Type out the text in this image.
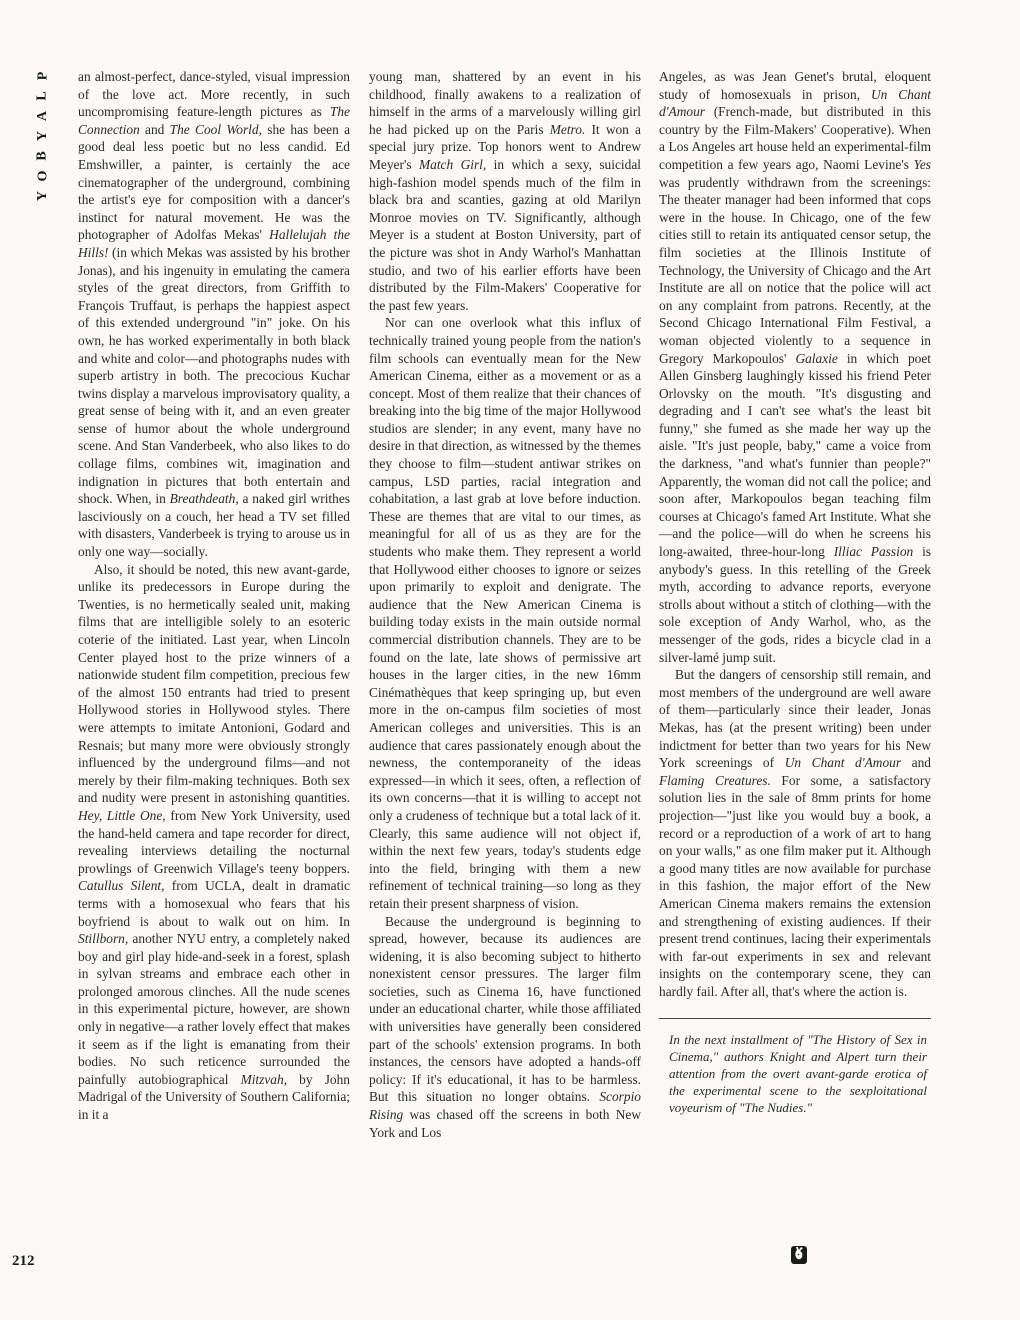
P
L
A
Y
B
O
Y
212

an almost-perfect, dance-styled, visual impression of the love act. More recently, in such uncompromising feature-length pictures as The Connection and The Cool World, she has been a good deal less poetic but no less candid. Ed Emshwiller, a painter, is certainly the ace cinematographer of the underground, combining the artist's eye for composition with a dancer's instinct for natural movement. He was the photographer of Adolfas Mekas' Hallelujah the Hills! (in which Mekas was assisted by his brother Jonas), and his ingenuity in emulating the camera styles of the great directors, from Griffith to François Truffaut, is perhaps the happiest aspect of this extended underground "in" joke. On his own, he has worked experimentally in both black and white and color—and photographs nudes with superb artistry in both. The precocious Kuchar twins display a marvelous improvisatory quality, a great sense of being with it, and an even greater sense of humor about the whole underground scene. And Stan Vanderbeek, who also likes to do collage films, combines wit, imagination and indignation in pictures that both entertain and shock. When, in Breathdeath, a naked girl writhes lasciviously on a couch, her head a TV set filled with disasters, Vanderbeek is trying to arouse us in only one way—socially.

Also, it should be noted, this new avant-garde, unlike its predecessors in Europe during the Twenties, is no hermetically sealed unit, making films that are intelligible solely to an esoteric coterie of the initiated. Last year, when Lincoln Center played host to the prize winners of a nationwide student film competition, precious few of the almost 150 entrants had tried to present Hollywood stories in Hollywood styles. There were attempts to imitate Antonioni, Godard and Resnais; but many more were obviously strongly influenced by the underground films—and not merely by their film-making techniques. Both sex and nudity were present in astonishing quantities. Hey, Little One, from New York University, used the hand-held camera and tape recorder for direct, revealing interviews detailing the nocturnal prowlings of Greenwich Village's teeny boppers. Catullus Silent, from UCLA, dealt in dramatic terms with a homosexual who fears that his boyfriend is about to walk out on him. In Stillborn, another NYU entry, a completely naked boy and girl play hide-and-seek in a forest, splash in sylvan streams and embrace each other in prolonged amorous clinches. All the nude scenes in this experimental picture, however, are shown only in negative—a rather lovely effect that makes it seem as if the light is emanating from their bodies. No such reticence surrounded the painfully autobiographical Mitzvah, by John Madrigal of the University of Southern California; in it a

young man, shattered by an event in his childhood, finally awakens to a realization of himself in the arms of a marvelously willing girl he had picked up on the Paris Metro. It won a special jury prize. Top honors went to Andrew Meyer's Match Girl, in which a sexy, suicidal high-fashion model spends much of the film in black bra and scanties, gazing at old Marilyn Monroe movies on TV. Significantly, although Meyer is a student at Boston University, part of the picture was shot in Andy Warhol's Manhattan studio, and two of his earlier efforts have been distributed by the Film-Makers' Cooperative for the past few years.

Nor can one overlook what this influx of technically trained young people from the nation's film schools can eventually mean for the New American Cinema, either as a movement or as a concept. Most of them realize that their chances of breaking into the big time of the major Hollywood studios are slender; in any event, many have no desire in that direction, as witnessed by the themes they choose to film—student antiwar strikes on campus, LSD parties, racial integration and cohabitation, a last grab at love before induction. These are themes that are vital to our times, as meaningful for all of us as they are for the students who make them. They represent a world that Hollywood either chooses to ignore or seizes upon primarily to exploit and denigrate. The audience that the New American Cinema is building today exists in the main outside normal commercial distribution channels. They are to be found on the late, late shows of permissive art houses in the larger cities, in the new 16mm Cinémathèques that keep springing up, but even more in the on-campus film societies of most American colleges and universities. This is an audience that cares passionately enough about the newness, the contemporaneity of the ideas expressed—in which it sees, often, a reflection of its own concerns—that it is willing to accept not only a crudeness of technique but a total lack of it. Clearly, this same audience will not object if, within the next few years, today's students edge into the field, bringing with them a new refinement of technical training—so long as they retain their present sharpness of vision.

Because the underground is beginning to spread, however, because its audiences are widening, it is also becoming subject to hitherto nonexistent censor pressures. The larger film societies, such as Cinema 16, have functioned under an educational charter, while those affiliated with universities have generally been considered part of the schools' extension programs. In both instances, the censors have adopted a hands-off policy: If it's educational, it has to be harmless. But this situation no longer obtains. Scorpio Rising was chased off the screens in both New York and Los

Angeles, as was Jean Genet's brutal, eloquent study of homosexuals in prison, Un Chant d'Amour (French-made, but distributed in this country by the Film-Makers' Cooperative). When a Los Angeles art house held an experimental-film competition a few years ago, Naomi Levine's Yes was prudently withdrawn from the screenings: The theater manager had been informed that cops were in the house. In Chicago, one of the few cities still to retain its antiquated censor setup, the film societies at the Illinois Institute of Technology, the University of Chicago and the Art Institute are all on notice that the police will act on any complaint from patrons. Recently, at the Second Chicago International Film Festival, a woman objected violently to a sequence in Gregory Markopoulos' Galaxie in which poet Allen Ginsberg laughingly kissed his friend Peter Orlovsky on the mouth. "It's disgusting and degrading and I can't see what's the least bit funny," she fumed as she made her way up the aisle. "It's just people, baby," came a voice from the darkness, "and what's funnier than people?" Apparently, the woman did not call the police; and soon after, Markopoulos began teaching film courses at Chicago's famed Art Institute. What she—and the police—will do when he screens his long-awaited, three-hour-long Illiac Passion is anybody's guess. In this retelling of the Greek myth, according to advance reports, everyone strolls about without a stitch of clothing—with the sole exception of Andy Warhol, who, as the messenger of the gods, rides a bicycle clad in a silver-lamé jump suit.

But the dangers of censorship still remain, and most members of the underground are well aware of them—particularly since their leader, Jonas Mekas, has (at the present writing) been under indictment for better than two years for his New York screenings of Un Chant d'Amour and Flaming Creatures. For some, a satisfactory solution lies in the sale of 8mm prints for home projection—"just like you would buy a book, a record or a reproduction of a work of art to hang on your walls," as one film maker put it. Although a good many titles are now available for purchase in this fashion, the major effort of the New American Cinema makers remains the extension and strengthening of existing audiences. If their present trend continues, lacing their experimentals with far-out experiments in sex and relevant insights on the contemporary scene, they can hardly fail. After all, that's where the action is.

In the next installment of "The History of Sex in Cinema," authors Knight and Alpert turn their attention from the overt avant-garde erotica of the experimental scene to the sexploitational voyeurism of "The Nudies."
